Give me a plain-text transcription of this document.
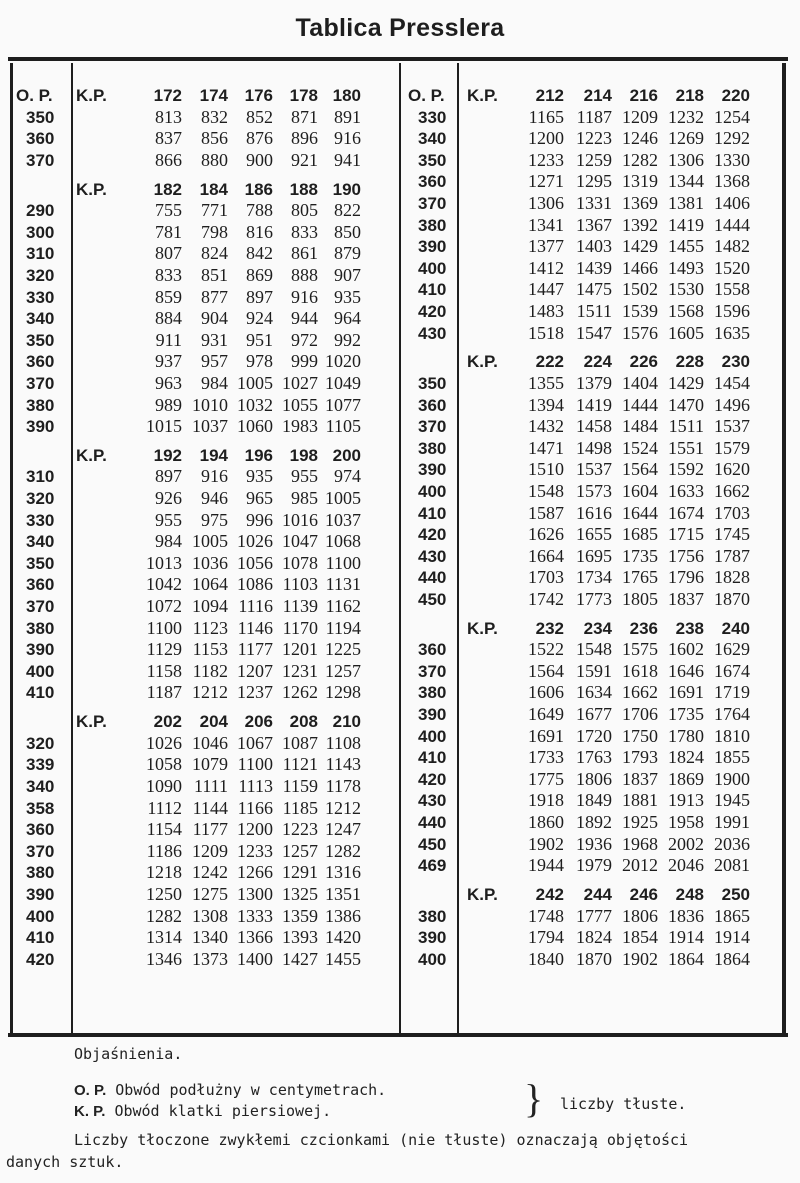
Tablica Presslera
O. P.	K.P.	172	174 176 178 180
350	813	832	852	871 891
360	837	856	876	896 916
370	866	880	900	921 941
K.P.	182	184 186 188 190
290	755	771	788	805 822
300	781	798	816	833 850
310	807	824	842	861 879
320	833	851	869	888 907
330	859	877	897	916 935
340	884	904	924	944 964
350	911	931	951	972 992
360	937	957	978	999 1020
370	963	984 1005 1027 1049
380	989 1010 1032 1055 1077
390	1015 1037 1060 1983 1105
K.P.	192	194 196 198 200
310	897	916	935	955 974
320	926	946	965	985 1005
330	955	975	996 1016 1037
340	984 1005 1026 1047 1068
350	1013 1036 1056 1078 1100
360	1042 1064 1086 1103 1131
370	1072 1094 1116 1139 1162
380	1100 1123 1146 1170 1194
390	1129 1153 1177 1201 1225
400	1158 1182 1207 1231 1257
410	1187 1212 1237 1262 1298
K.P.	202	204 206 208 210
320	1026 1046 1067 1087 1108
339	1058 1079 1100 1121 1143
340	1090 1111 1113 1159 1178
358	1112 1144 1166 1185 1212
360	1154 1177 1200 1223 1247
370	1186 1209 1233 1257 1282
380	1218 1242 1266 1291 1316
390	1250 1275 1300 1325 1351
400	1282 1308 1333 1359 1386
410	1314 1340 1366 1393 1420
420	1346 1373 1400 1427 1455
O. P.	K.P.	212	214	216	218	220
330	1165 1187 1209 1232 1254
340	1200 1223 1246 1269 1292
350	1233 1259 1282 1306 1330
360	1271 1295 1319 1344 1368
370	1306 1331 1369 1381 1406
380	1341 1367 1392 1419 1444
390	1377 1403 1429 1455 1482
400	1412 1439 1466 1493 1520
410	1447 1475 1502 1530 1558
420	1483 1511 1539 1568 1596
430	1518 1547 1576 1605 1635
K.P.	222	224	226	228	230
350	1355 1379 1404 1429 1454
360	1394 1419 1444 1470 1496
370	1432 1458 1484 1511 1537
380	1471 1498 1524 1551 1579
390	1510 1537 1564 1592 1620
400	1548 1573 1604 1633 1662
410	1587 1616 1644 1674 1703
420	1626 1655 1685 1715 1745
430	1664 1695 1735 1756 1787
440	1703 1734 1765 1796 1828
450	1742 1773 1805 1837 1870
K.P.	232	234	236	238	240
360	1522 1548 1575 1602 1629
370	1564 1591 1618 1646 1674
380	1606 1634 1662 1691 1719
390	1649 1677 1706 1735 1764
400	1691 1720 1750 1780 1810
410	1733 1763 1793 1824 1855
420	1775 1806 1837 1869 1900
430	1918 1849 1881 1913 1945
440	1860 1892 1925 1958 1991
450	1902 1936 1968 2002 2036
469	1944 1979 2012 2046 2081
K.P.	242	244	246	248	250
380	1748 1777 1806 1836 1865
390	1794 1824 1854 1914 1914
400	1840 1870 1902 1864 1864
Objaśnienia.
O. P. Obwód podłużny w centymetrach.
K. P. Obwód klatki piersiowej.	} liczby tłuste.
Liczby tłoczone zwykłemi czcionkami (nie tłuste) oznaczają objętości
danych sztuk.
